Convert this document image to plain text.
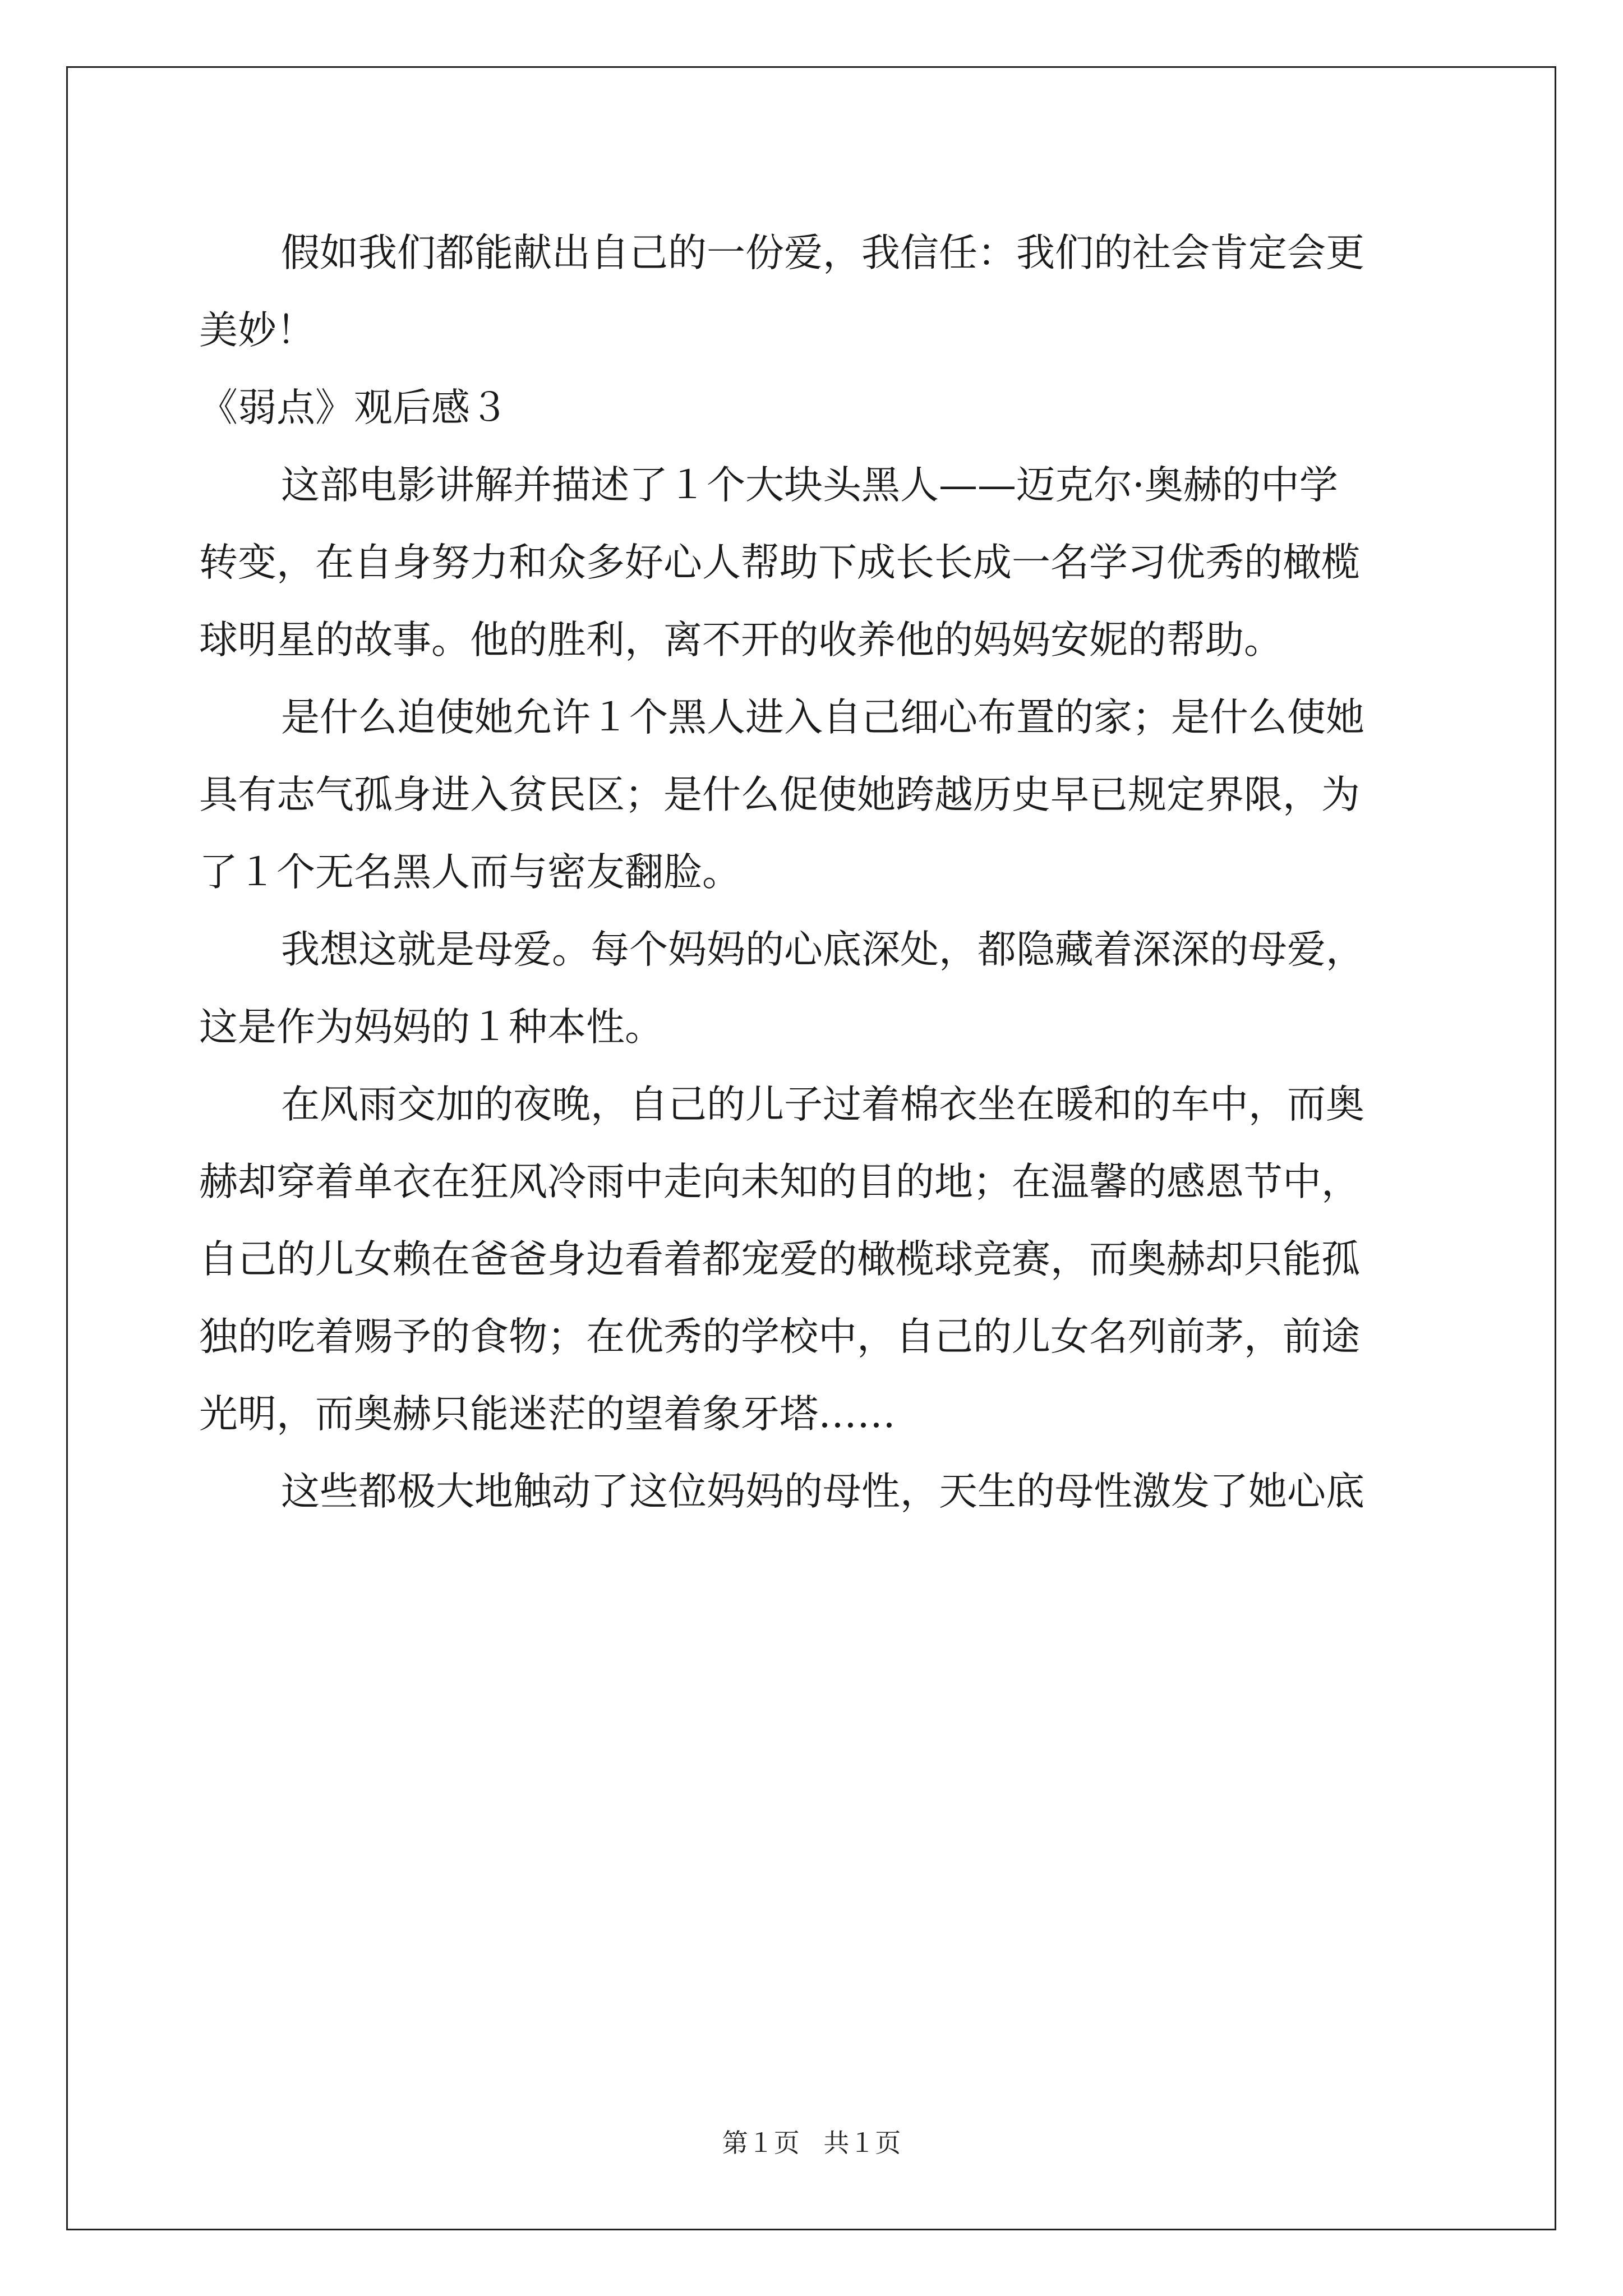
假如我们都能献出自己的一份爱，我信任：我们的社会肯定会更
美妙！
《弱点》观后感３
这部电影讲解并描述了１个大块头黑人——迈克尔·奥赫的中学
转变，在自身努力和众多好心人帮助下成长长成一名学习优秀的橄榄
球明星的故事。他的胜利，离不开的收养他的妈妈安妮的帮助。
是什么迫使她允许１个黑人进入自己细心布置的家；是什么使她
具有志气孤身进入贫民区；是什么促使她跨越历史早已规定界限，为
了１个无名黑人而与密友翻脸。
我想这就是母爱。每个妈妈的心底深处，都隐藏着深深的母爱，
这是作为妈妈的１种本性。
在风雨交加的夜晚，自己的儿子过着棉衣坐在暖和的车中，而奥
赫却穿着单衣在狂风冷雨中走向未知的目的地；在温馨的感恩节中，
自己的儿女赖在爸爸身边看着都宠爱的橄榄球竞赛，而奥赫却只能孤
独的吃着赐予的食物；在优秀的学校中，自己的儿女名列前茅，前途
光明，而奥赫只能迷茫的望着象牙塔……
这些都极大地触动了这位妈妈的母性，天生的母性激发了她心底
第１页 共１页
